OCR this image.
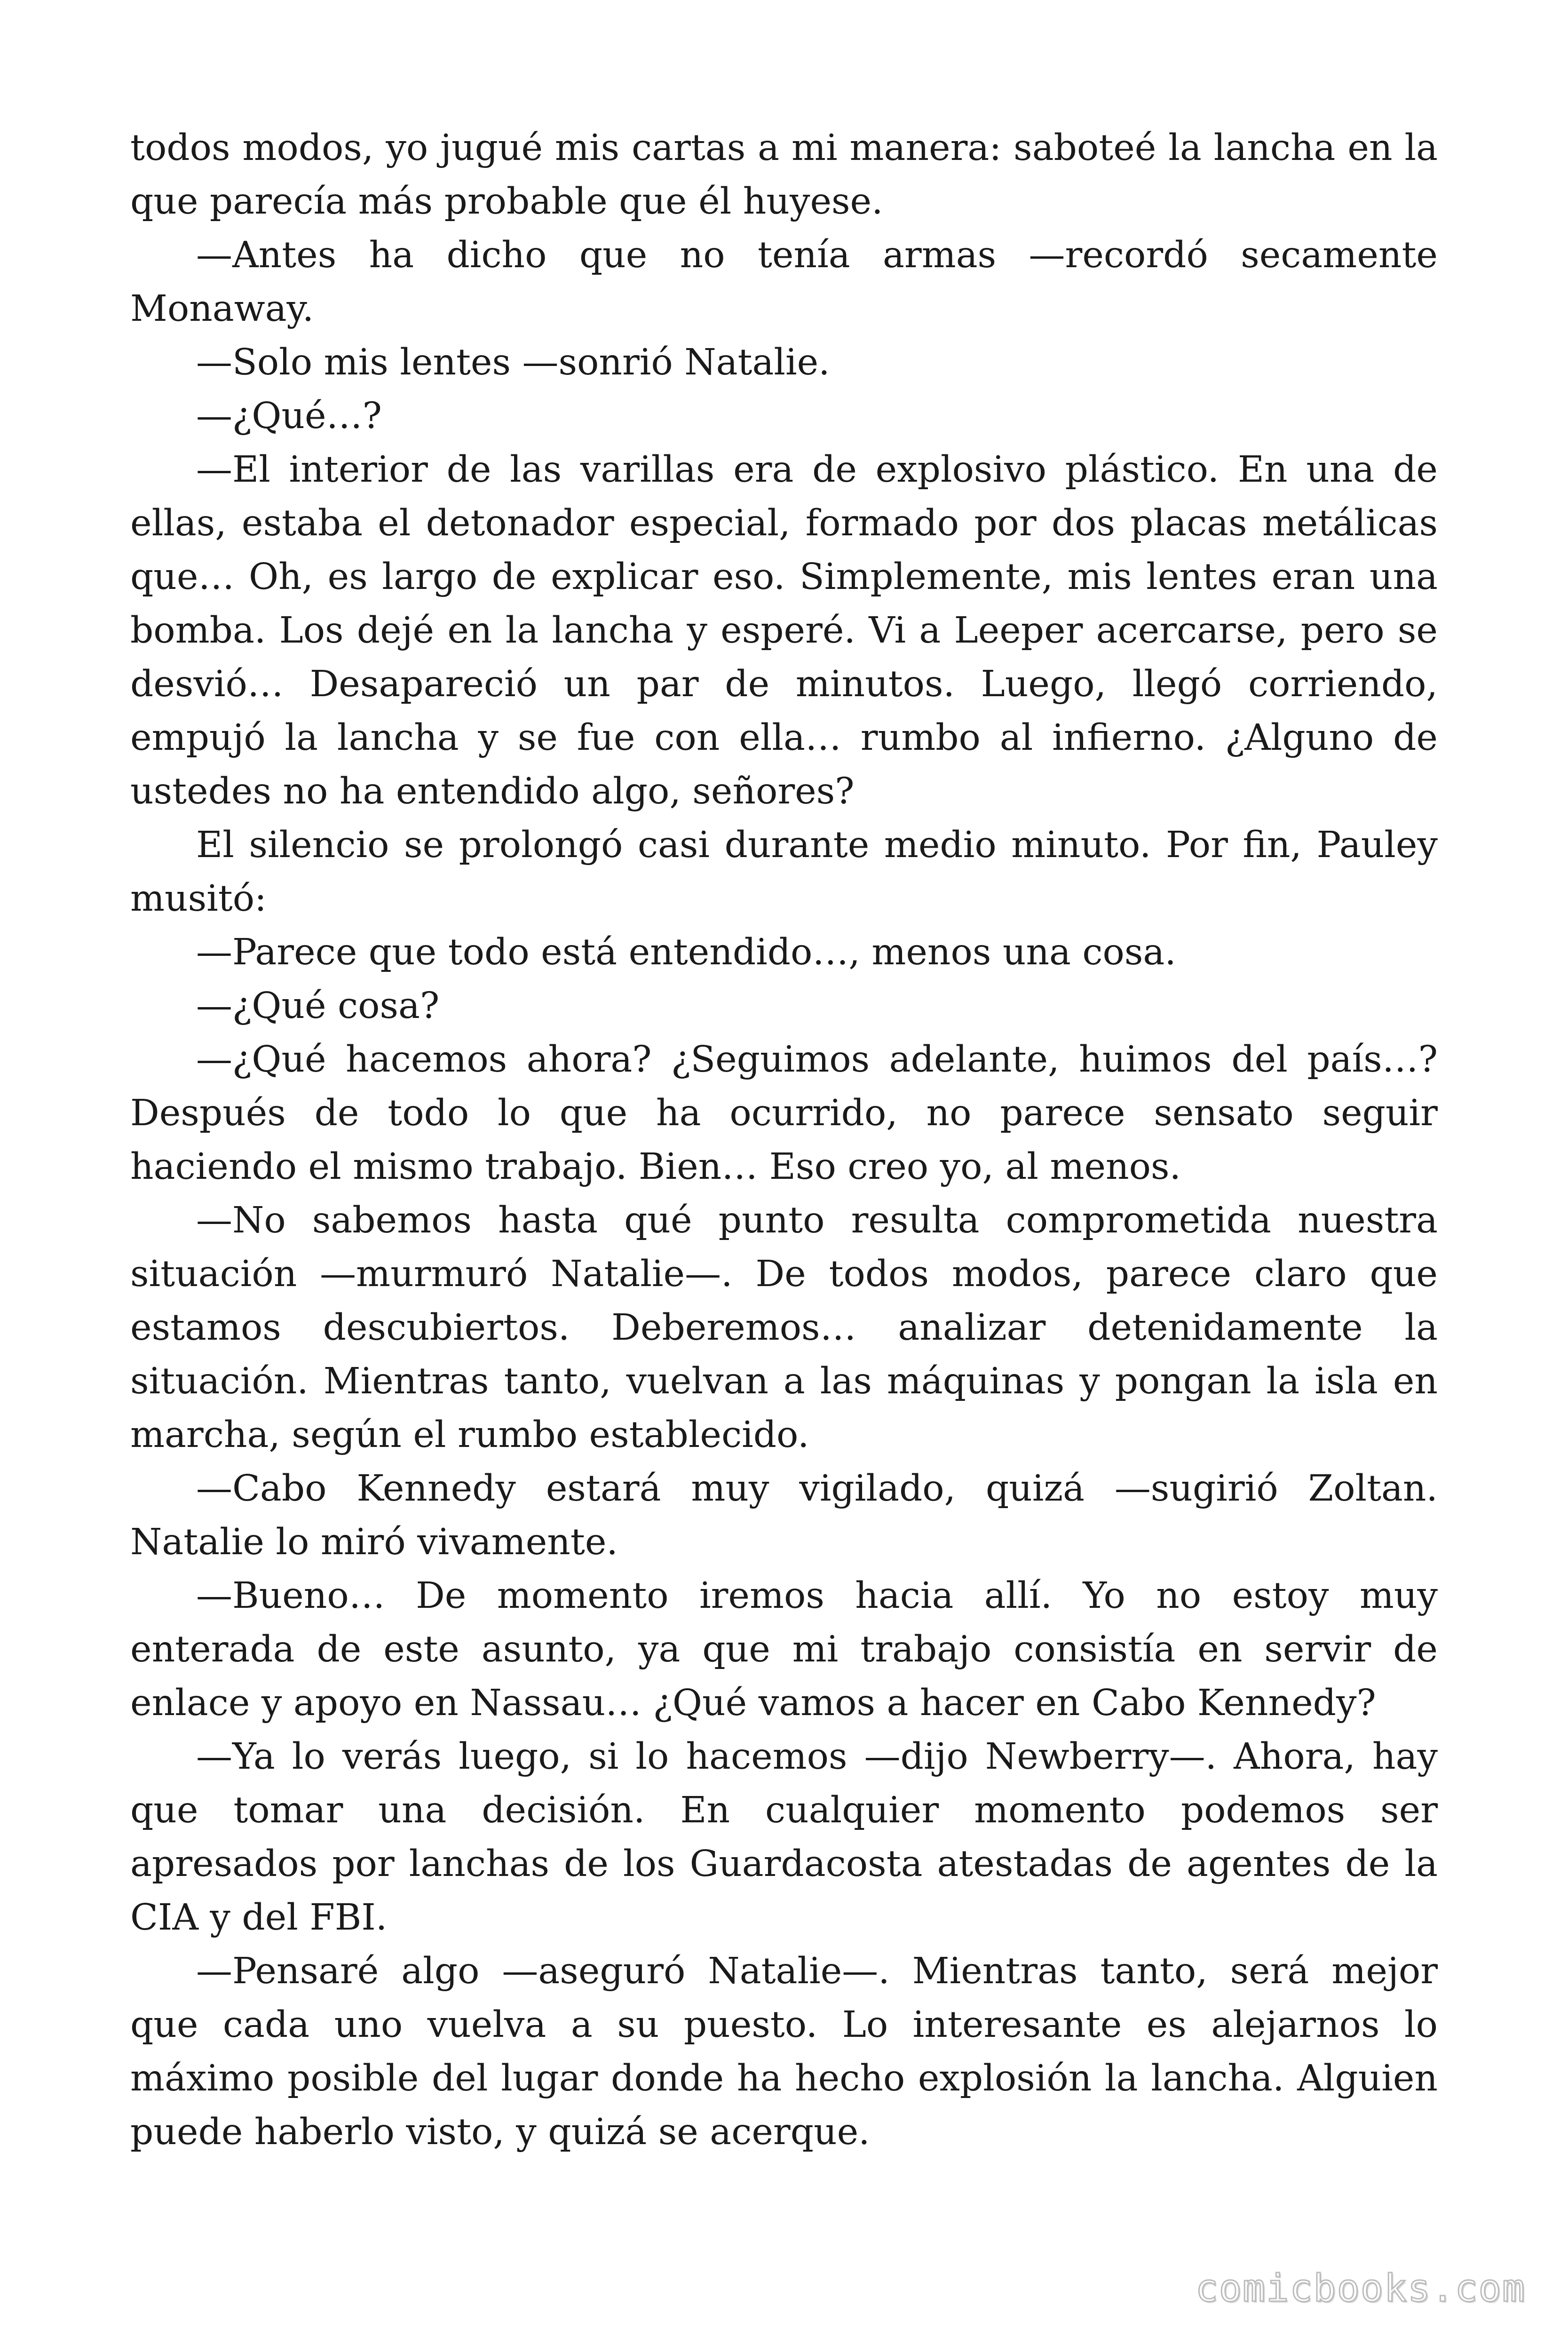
todos modos, yo jugué mis cartas a mi manera: saboteé la lancha en la que parecía más probable que él huyese.

—Antes ha dicho que no tenía armas —recordó secamente Monaway.

—Solo mis lentes —sonrió Natalie.

—¿Qué…?

—El interior de las varillas era de explosivo plástico. En una de ellas, estaba el detonador especial, formado por dos placas metálicas que… Oh, es largo de explicar eso. Simplemente, mis lentes eran una bomba. Los dejé en la lancha y esperé. Vi a Leeper acercarse, pero se desvió… Desapareció un par de minutos. Luego, llegó corriendo, empujó la lancha y se fue con ella… rumbo al infierno. ¿Alguno de ustedes no ha entendido algo, señores?

El silencio se prolongó casi durante medio minuto. Por fin, Pauley musitó:

—Parece que todo está entendido…, menos una cosa.

—¿Qué cosa?

—¿Qué hacemos ahora? ¿Seguimos adelante, huimos del país…? Después de todo lo que ha ocurrido, no parece sensato seguir haciendo el mismo trabajo. Bien… Eso creo yo, al menos.

—No sabemos hasta qué punto resulta comprometida nuestra situación —murmuró Natalie—. De todos modos, parece claro que estamos descubiertos. Deberemos… analizar detenidamente la situación. Mientras tanto, vuelvan a las máquinas y pongan la isla en marcha, según el rumbo establecido.

—Cabo Kennedy estará muy vigilado, quizá —sugirió Zoltan. Natalie lo miró vivamente.

—Bueno… De momento iremos hacia allí. Yo no estoy muy enterada de este asunto, ya que mi trabajo consistía en servir de enlace y apoyo en Nassau… ¿Qué vamos a hacer en Cabo Kennedy?

—Ya lo verás luego, si lo hacemos —dijo Newberry—. Ahora, hay que tomar una decisión. En cualquier momento podemos ser apresados por lanchas de los Guardacosta atestadas de agentes de la CIA y del FBI.

—Pensaré algo —aseguró Natalie—. Mientras tanto, será mejor que cada uno vuelva a su puesto. Lo interesante es alejarnos lo máximo posible del lugar donde ha hecho explosión la lancha. Alguien puede haberlo visto, y quizá se acerque.

comicbooks.com
